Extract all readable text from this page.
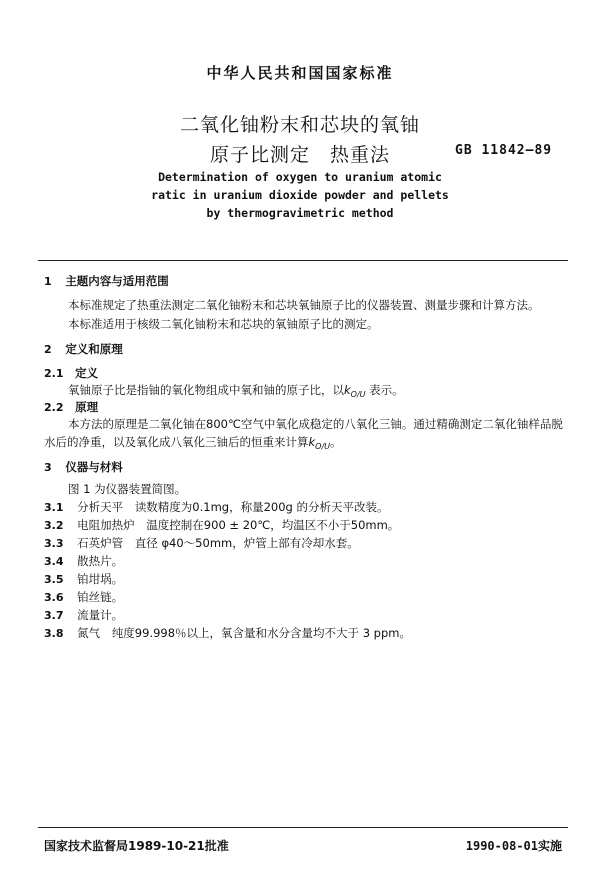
中华人民共和国国家标准
二氧化铀粉末和芯块的氧铀
原子比测定　热重法	GB 11842—89
Determination of oxygen to uranium atomic
ratic in uranium dioxide powder and pellets
by thermogravimetric method
1 主题内容与适用范围
本标准规定了热重法测定二氧化铀粉末和芯块氧铀原子比的仪器装置、测量步骤和计算方法。
本标准适用于核级二氧化铀粉末和芯块的氧铀原子比的测定。
2 定义和原理
2.1 定义
氧铀原子比是指铀的氧化物组成中氧和铀的原子比，以$k_{O/U}$ 表示。
2.2 原理
本方法的原理是二氧化铀在800℃空气中氧化成稳定的八氧化三铀。通过精确测定二氧化铀样品脱
水后的净重，以及氧化成八氧化三铀后的恒重来计算$k_{O/U}$。
3 仪器与材料
图 1 为仪器装置简图。
3.1 分析天平 读数精度为0.1mg，称量200g 的分析天平改装。
3.2 电阻加热炉 温度控制在900 ± 20℃，均温区不小于50mm。
3.3 石英炉管 直径 φ40～50mm，炉管上部有冷却水套。
3.4 散热片。
3.5 铂坩埚。
3.6 铂丝链。
3.7 流量计。
3.8 氮气 纯度99.998％以上，氧含量和水分含量均不大于 3 ppm。
国家技术监督局1989-10-21批准	1990-08-01实施
